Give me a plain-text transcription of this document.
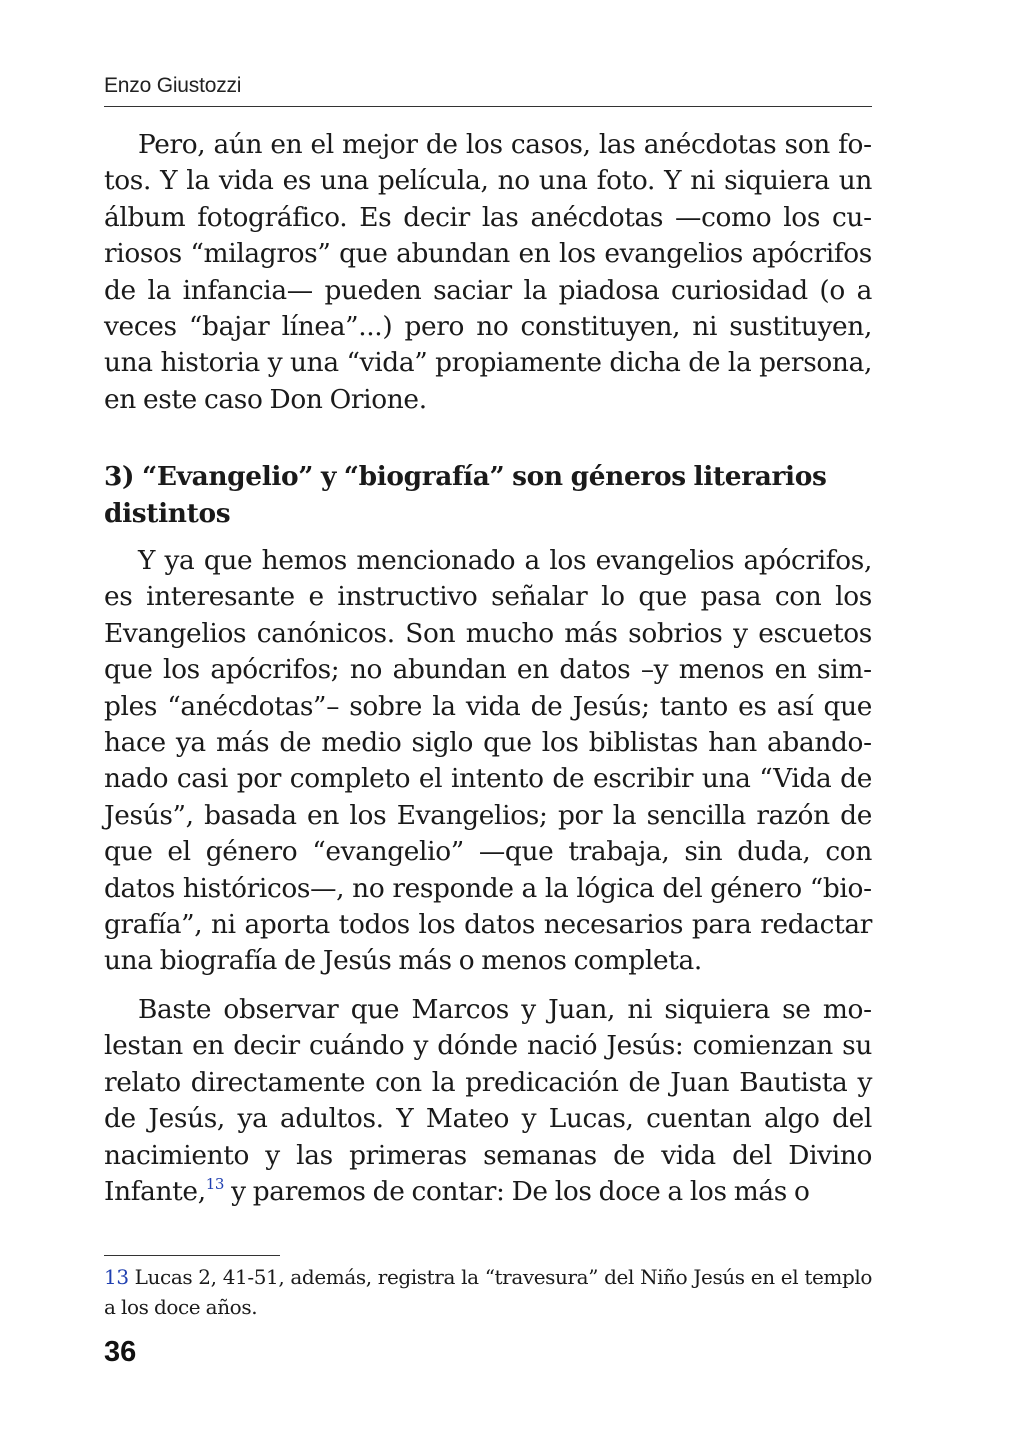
Enzo Giustozzi

Pero, aún en el mejor de los casos, las anécdotas son fotos. Y la vida es una película, no una foto. Y ni siquiera un álbum fotográfico. Es decir las anécdotas —como los curiosos “milagros” que abundan en los evangelios apócrifos de la infancia— pueden saciar la piadosa curiosidad (o a veces “bajar línea”...) pero no constituyen, ni sustituyen, una historia y una “vida” propiamente dicha de la persona, en este caso Don Orione.

3) “Evangelio” y “biografía” son géneros literarios distintos

Y ya que hemos mencionado a los evangelios apócrifos, es interesante e instructivo señalar lo que pasa con los Evangelios canónicos. Son mucho más sobrios y escuetos que los apócrifos; no abundan en datos –y menos en simples “anécdotas”– sobre la vida de Jesús; tanto es así que hace ya más de medio siglo que los biblistas han abandonado casi por completo el intento de escribir una “Vida de Jesús”, basada en los Evangelios; por la sencilla razón de que el género “evangelio” —que trabaja, sin duda, con datos históricos—, no responde a la lógica del género “biografía”, ni aporta todos los datos necesarios para redactar una biografía de Jesús más o menos completa.

Baste observar que Marcos y Juan, ni siquiera se molestan en decir cuándo y dónde nació Jesús: comienzan su relato directamente con la predicación de Juan Bautista y de Jesús, ya adultos. Y Mateo y Lucas, cuentan algo del nacimiento y las primeras semanas de vida del Divino Infante,$^{13}$ y paremos de contar: De los doce a los más o

13 Lucas 2, 41-51, además, registra la “travesura” del Niño Jesús en el templo a los doce años.

36
